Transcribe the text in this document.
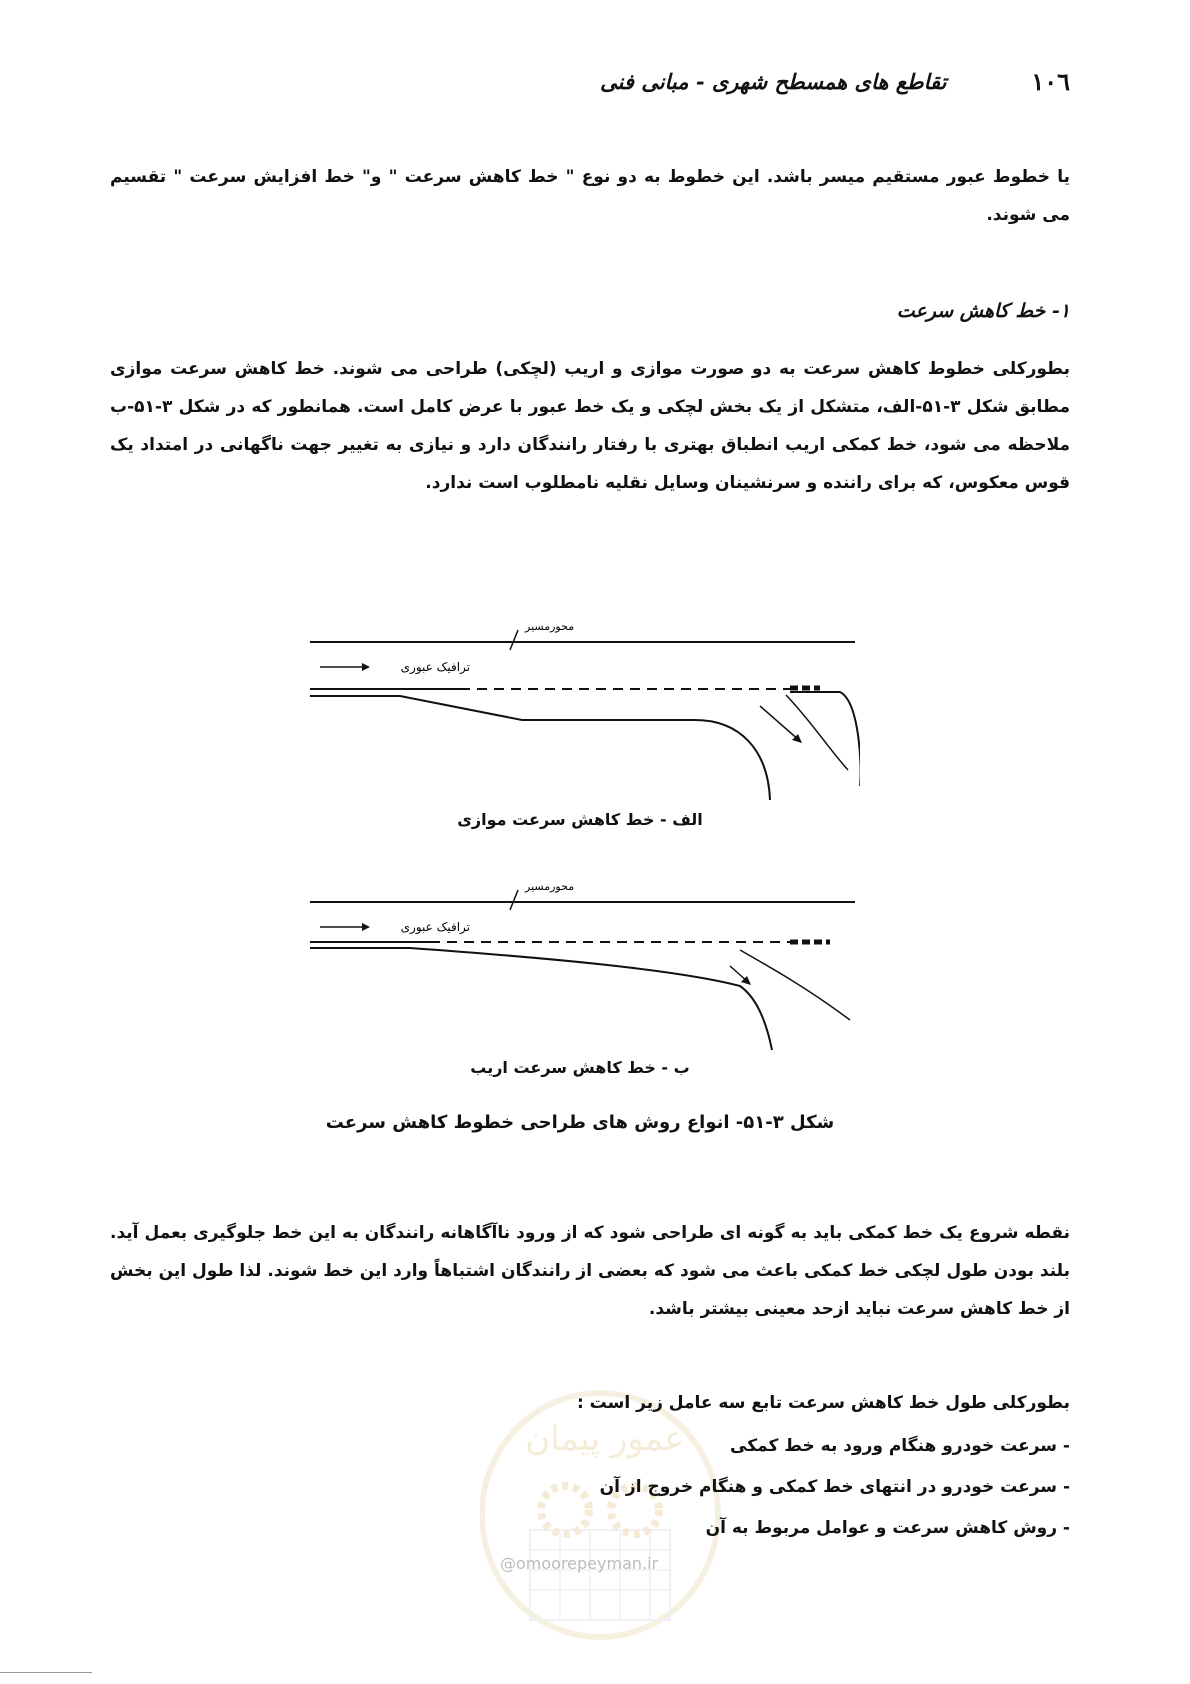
تقاطع های همسطح شهری - مبانی فنی	١٠٦

یا خطوط عبور مستقیم میسر باشد. این خطوط به دو نوع " خط کاهش سرعت " و" خط افزایش سرعت " تقسیم می شوند.

۱- خط کاهش سرعت

بطورکلی خطوط کاهش سرعت به دو صورت موازی و اریب (لچکی) طراحی می شوند. خط کاهش سرعت موازی مطابق شکل ۳-۵۱-الف، متشکل از یک بخش لچکی و یک خط عبور با عرض کامل است. همانطور که در شکل ۳-۵۱-ب ملاحظه می شود، خط کمکی اریب انطباق بهتری با رفتار رانندگان دارد و نیازی به تغییر جهت ناگهانی در امتداد یک قوس معکوس، که برای راننده و سرنشینان وسایل نقلیه نامطلوب است ندارد.

محورمسیر
ترافیک عبوری
الف - خط کاهش سرعت موازی
محورمسیر
ترافیک عبوری
ب - خط کاهش سرعت اریب
شکل ۳-۵۱- انواع روش های طراحی خطوط کاهش سرعت

نقطه شروع یک خط کمکی باید به گونه ای طراحی شود که از ورود ناآگاهانه رانندگان به این خط جلوگیری بعمل آید. بلند بودن طول لچکی خط کمکی باعث می شود که بعضی از رانندگان اشتباهاً وارد این خط شوند. لذا طول این بخش از خط کاهش سرعت نباید ازحد معینی بیشتر باشد.

عمور پیمان
@omoorepeyman.ir
بطورکلی طول خط کاهش سرعت تابع سه عامل زیر است :
- سرعت خودرو هنگام ورود به خط کمکی
- سرعت خودرو در انتهای خط کمکی و هنگام خروج از آن
- روش کاهش سرعت و عوامل مربوط به آن
